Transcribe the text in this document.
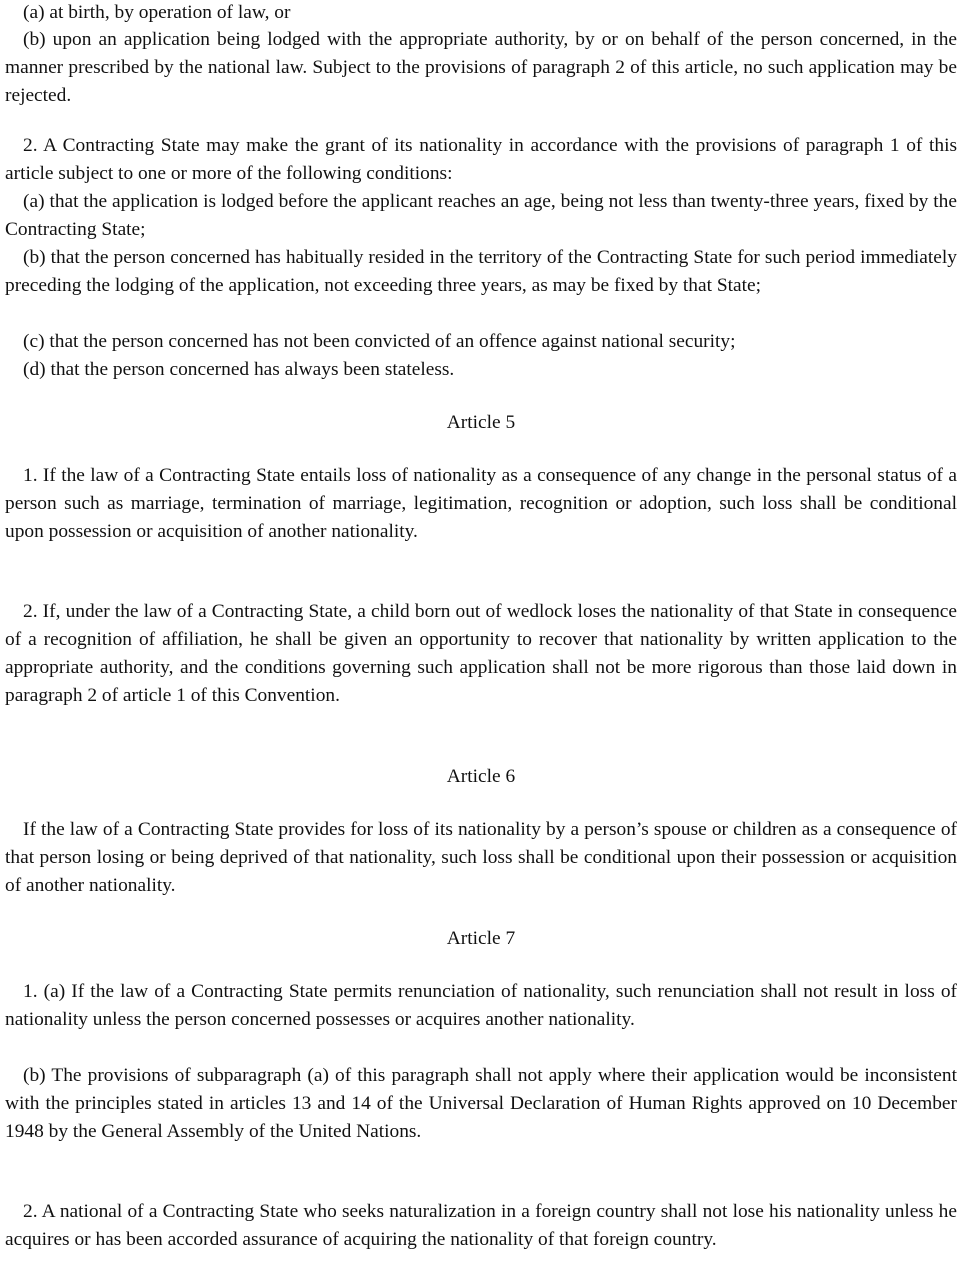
(a) at birth, by operation of law, or

(b) upon an application being lodged with the appropriate authority, by or on behalf of the person concerned, in the manner prescribed by the national law. Subject to the provisions of paragraph 2 of this article, no such application may be rejected.

2. A Contracting State may make the grant of its nationality in accordance with the provisions of paragraph 1 of this article subject to one or more of the following conditions:

(a) that the application is lodged before the applicant reaches an age, being not less than twenty-three years, fixed by the Contracting State;

(b) that the person concerned has habitually resided in the territory of the Contracting State for such period immediately preceding the lodging of the application, not exceeding three years, as may be fixed by that State;

(c) that the person concerned has not been convicted of an offence against national security;

(d) that the person concerned has always been stateless.

Article 5

1. If the law of a Contracting State entails loss of nationality as a consequence of any change in the personal status of a person such as marriage, termination of marriage, legitimation, recognition or adoption, such loss shall be conditional upon possession or acquisition of another nationality.

2. If, under the law of a Contracting State, a child born out of wedlock loses the nationality of that State in consequence of a recognition of affiliation, he shall be given an opportunity to recover that nationality by written application to the appropriate authority, and the conditions governing such application shall not be more rigorous than those laid down in paragraph 2 of article 1 of this Convention.

Article 6

If the law of a Contracting State provides for loss of its nationality by a person’s spouse or children as a consequence of that person losing or being deprived of that nationality, such loss shall be conditional upon their possession or acquisition of another nationality.

Article 7

1. (a) If the law of a Contracting State permits renunciation of nationality, such renunciation shall not result in loss of nationality unless the person concerned possesses or acquires another nationality.

(b) The provisions of subparagraph (a) of this paragraph shall not apply where their application would be inconsistent with the principles stated in articles 13 and 14 of the Universal Declaration of Human Rights approved on 10 December 1948 by the General Assembly of the United Nations.

2. A national of a Contracting State who seeks naturalization in a foreign country shall not lose his nationality unless he acquires or has been accorded assurance of acquiring the nationality of that foreign country.
